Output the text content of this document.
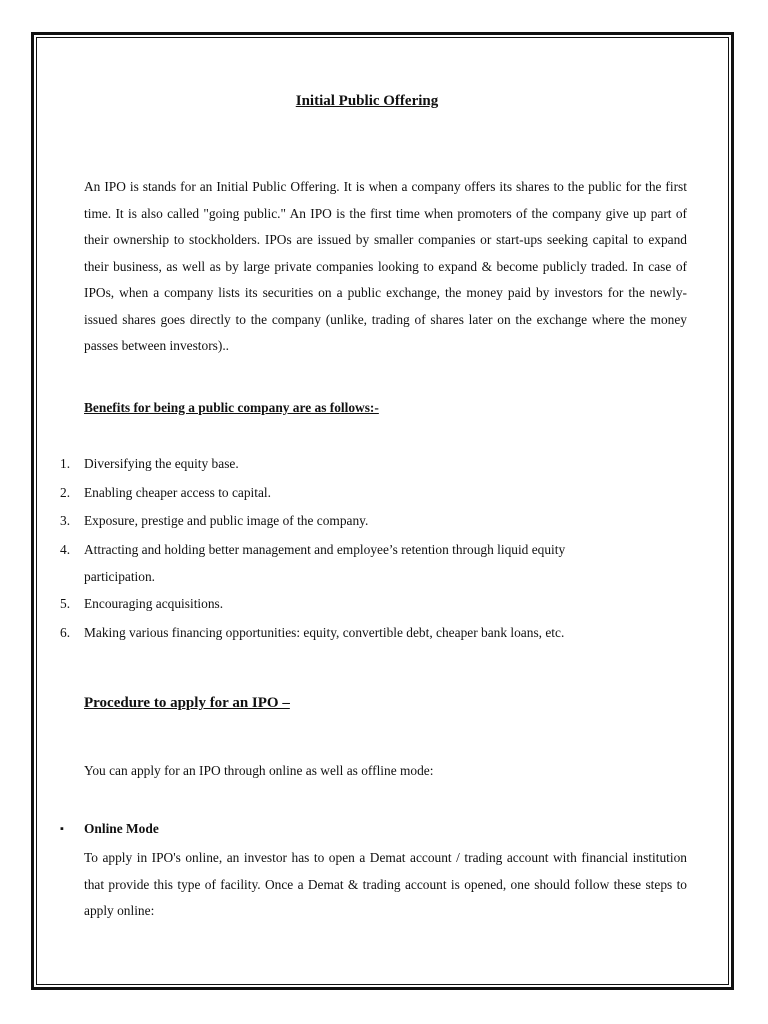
Initial Public Offering

An IPO is stands for an Initial Public Offering. It is when a company offers its shares to the public for the first time. It is also called "going public." An IPO is the first time when promoters of the company give up part of their ownership to stockholders. IPOs are issued by smaller companies or start-ups seeking capital to expand their business, as well as by large private companies looking to expand & become publicly traded. In case of IPOs, when a company lists its securities on a public exchange, the money paid by investors for the newly-issued shares goes directly to the company (unlike, trading of shares later on the exchange where the money passes between investors)..

Benefits for being a public company are as follows:-
1. Diversifying the equity base.
2. Enabling cheaper access to capital.
3. Exposure, prestige and public image of the company.
4. Attracting and holding better management and employee’s retention through liquid equity
participation.
5. Encouraging acquisitions.
6. Making various financing opportunities: equity, convertible debt, cheaper bank loans, etc.
Procedure to apply for an IPO –

You can apply for an IPO through online as well as offline mode:

▪ Online Mode

To apply in IPO's online, an investor has to open a Demat account / trading account with financial institution that provide this type of facility. Once a Demat & trading account is opened, one should follow these steps to apply online:
